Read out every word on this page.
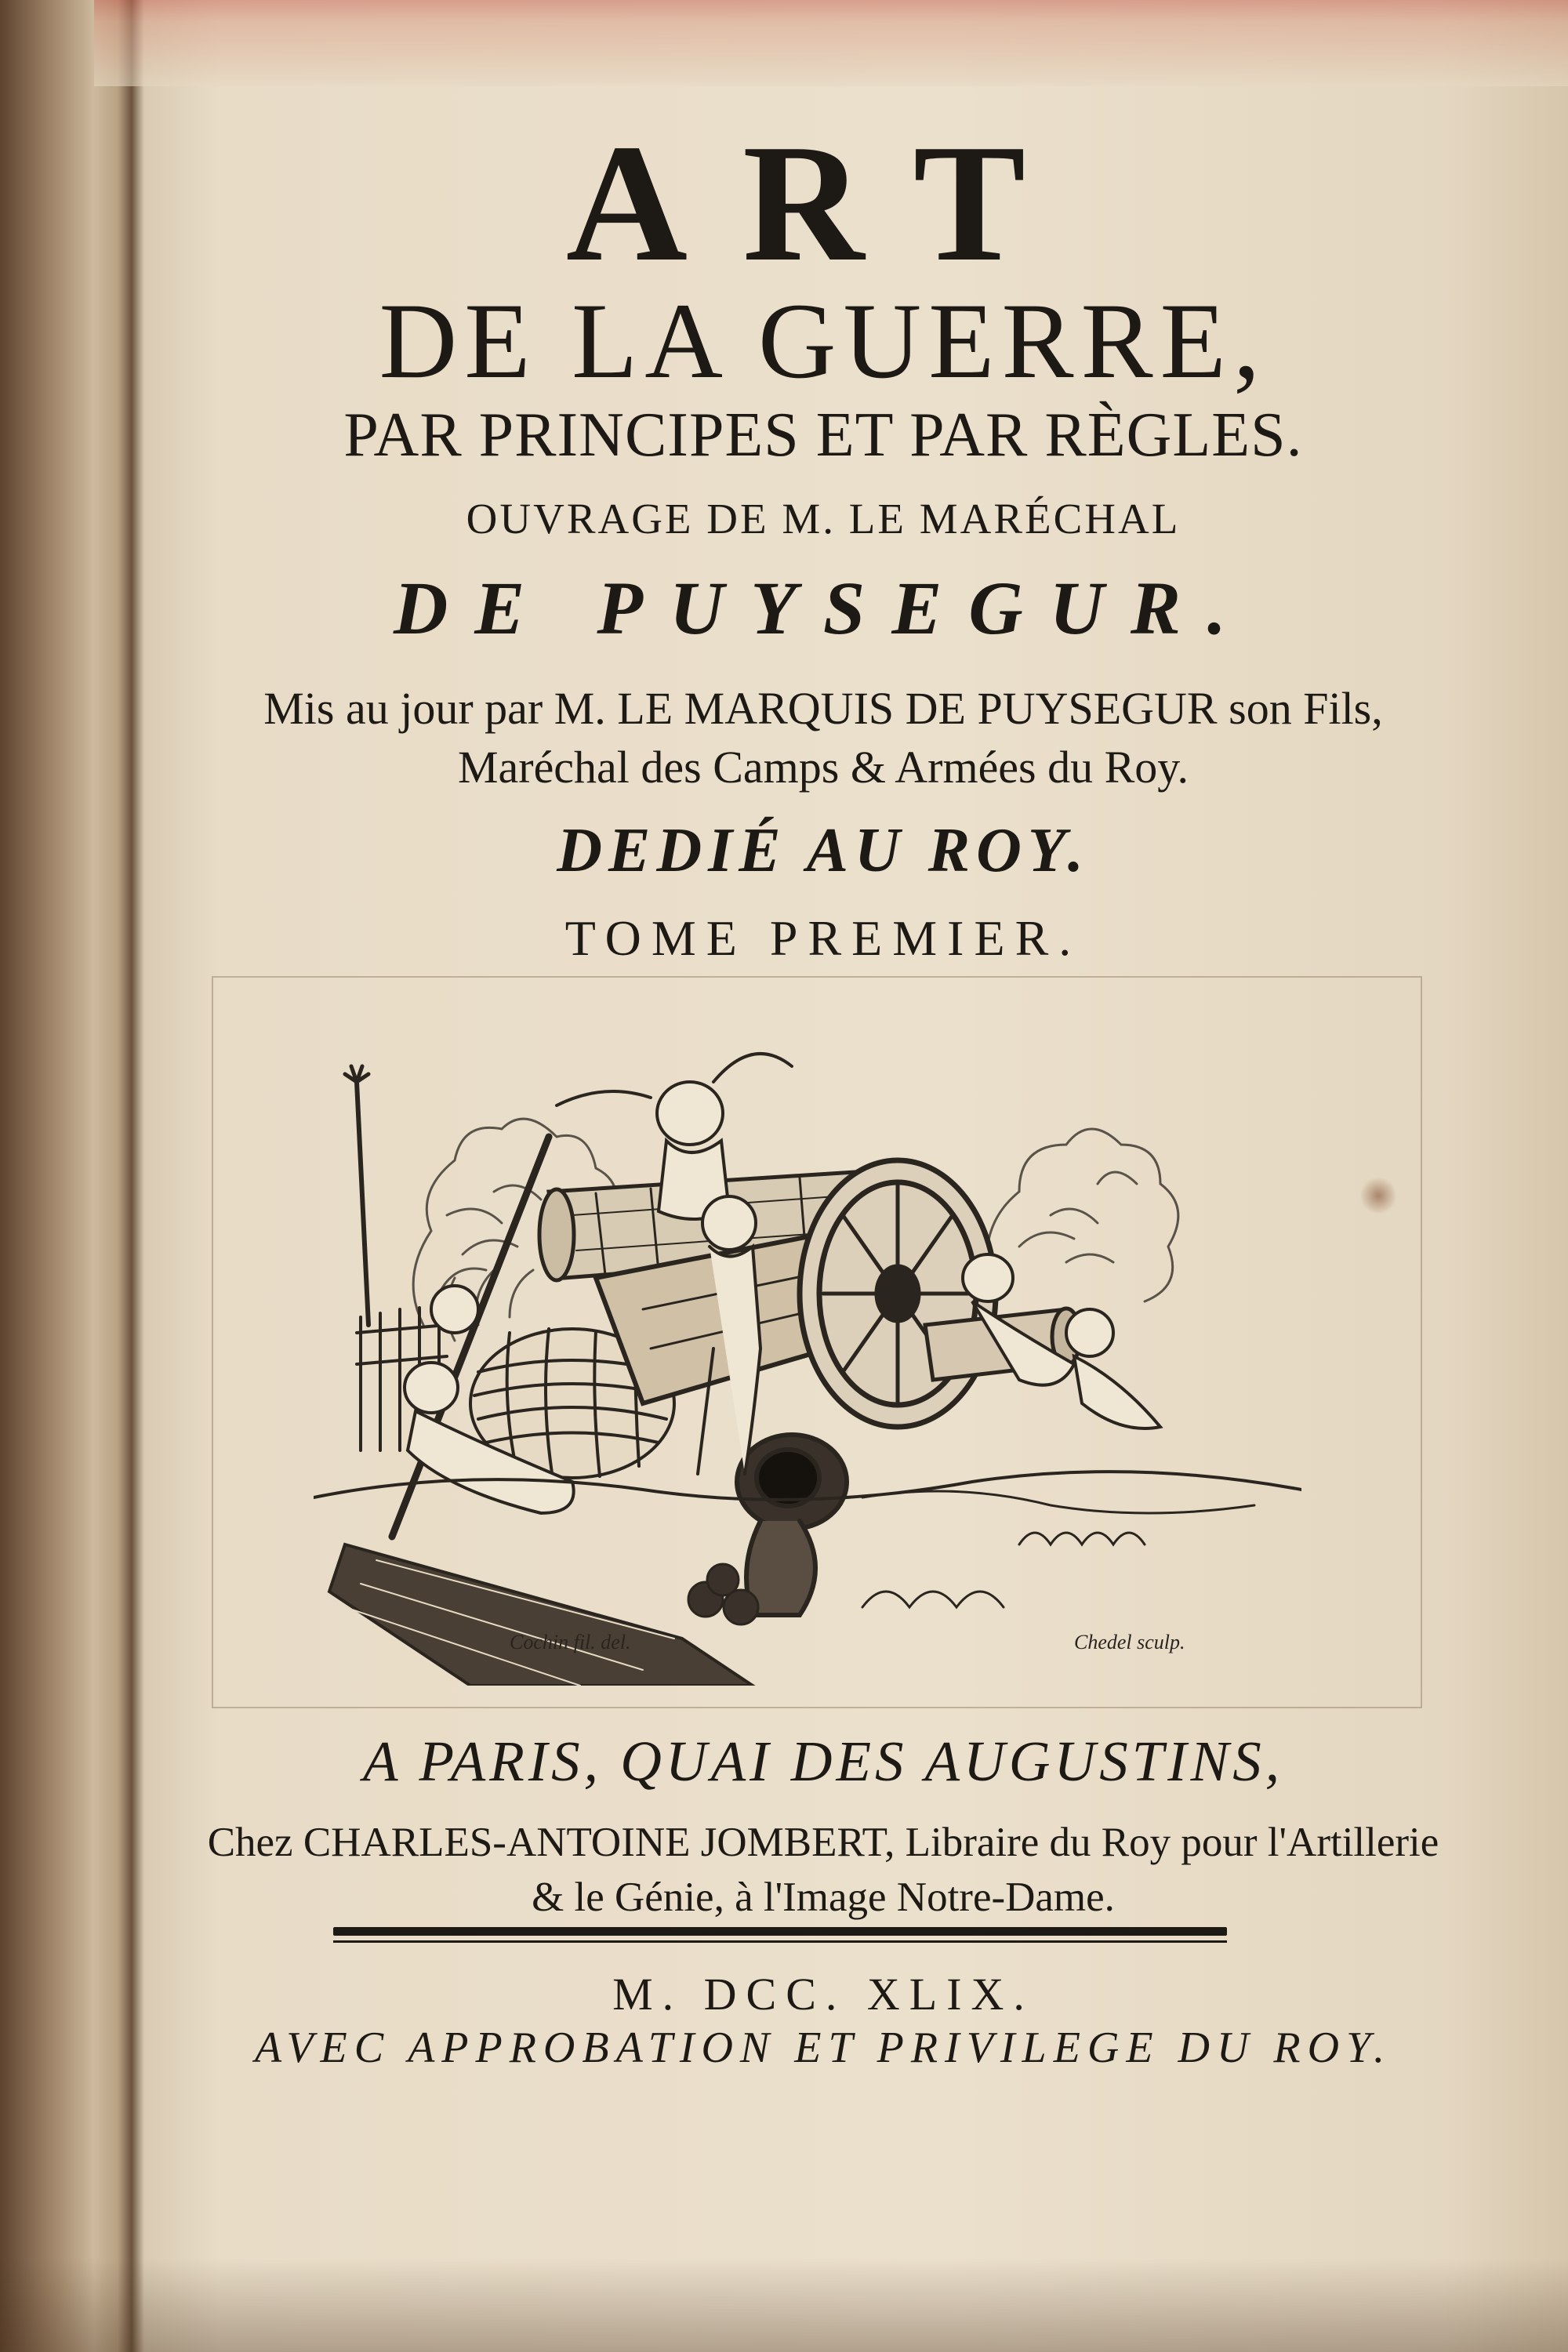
ART

DE LA GUERRE,

PAR PRINCIPES ET PAR RÈGLES.

OUVRAGE DE M. LE MARÉCHAL

DE PUYSEGUR.

Mis au jour par M. LE MARQUIS DE PUYSEGUR son Fils,

Maréchal des Camps & Armées du Roy.

DEDIÉ AU ROY.

TOME PREMIER.

Cochin fil. del.	Chedel sculp.

A PARIS, QUAI DES AUGUSTINS,

Chez CHARLES-ANTOINE JOMBERT, Libraire du Roy pour l'Artillerie

& le Génie, à l'Image Notre-Dame.

M. DCC. XLIX.

AVEC APPROBATION ET PRIVILEGE DU ROY.
